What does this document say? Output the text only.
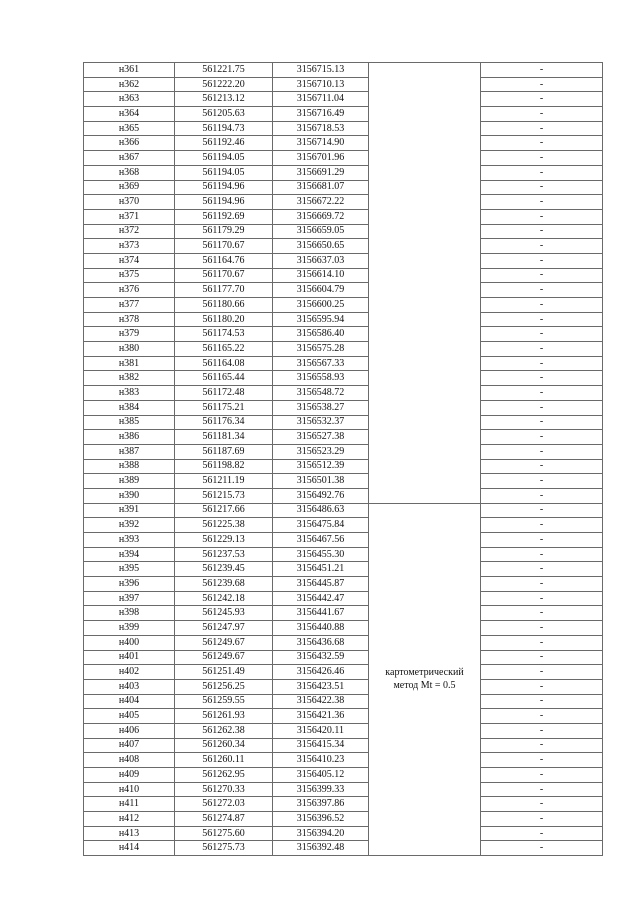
н361	561221.75	3156715.13		-
н362	561222.20	3156710.13		-
н363	561213.12	3156711.04		-
н364	561205.63	3156716.49		-
н365	561194.73	3156718.53		-
н366	561192.46	3156714.90		-
н367	561194.05	3156701.96		-
н368	561194.05	3156691.29		-
н369	561194.96	3156681.07		-
н370	561194.96	3156672.22		-
н371	561192.69	3156669.72		-
н372	561179.29	3156659.05		-
н373	561170.67	3156650.65		-
н374	561164.76	3156637.03		-
н375	561170.67	3156614.10		-
н376	561177.70	3156604.79		-
н377	561180.66	3156600.25		-
н378	561180.20	3156595.94		-
н379	561174.53	3156586.40		-
н380	561165.22	3156575.28		-
н381	561164.08	3156567.33		-
н382	561165.44	3156558.93		-
н383	561172.48	3156548.72		-
н384	561175.21	3156538.27		-
н385	561176.34	3156532.37		-
н386	561181.34	3156527.38		-
н387	561187.69	3156523.29		-
н388	561198.82	3156512.39		-
н389	561211.19	3156501.38		-
н390	561215.73	3156492.76		-
н391	561217.66	3156486.63	картометрический
метод Mt = 0.5	-
н392	561225.38	3156475.84		-
н393	561229.13	3156467.56		-
н394	561237.53	3156455.30		-
н395	561239.45	3156451.21		-
н396	561239.68	3156445.87		-
н397	561242.18	3156442.47		-
н398	561245.93	3156441.67		-
н399	561247.97	3156440.88		-
н400	561249.67	3156436.68		-
н401	561249.67	3156432.59		-
н402	561251.49	3156426.46		-
н403	561256.25	3156423.51		-
н404	561259.55	3156422.38		-
н405	561261.93	3156421.36		-
н406	561262.38	3156420.11		-
н407	561260.34	3156415.34		-
н408	561260.11	3156410.23		-
н409	561262.95	3156405.12		-
н410	561270.33	3156399.33		-
н411	561272.03	3156397.86		-
н412	561274.87	3156396.52		-
н413	561275.60	3156394.20		-
н414	561275.73	3156392.48		-
